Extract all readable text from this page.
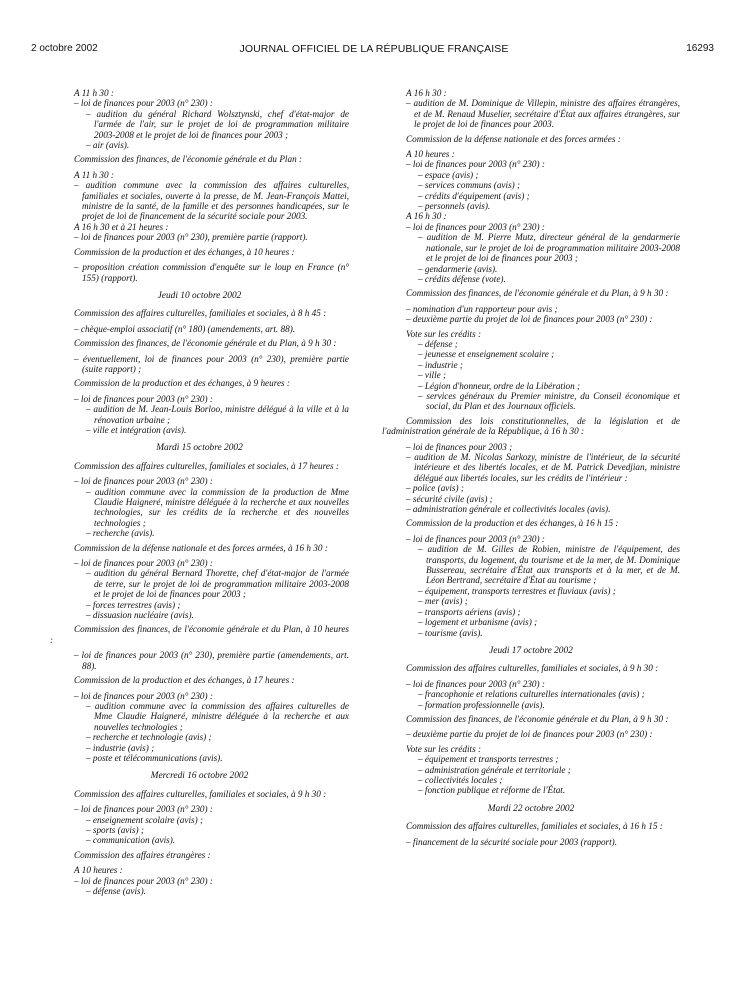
2 octobre 2002	JOURNAL OFFICIEL DE LA RÉPUBLIQUE FRANÇAISE	16293
A 11 h 30 :
– loi de finances pour 2003 (n° 230) :
– audition du général Richard Wolsztynski, chef d'état-major de l'armée de l'air, sur le projet de loi de programmation militaire 2003-2008 et le projet de loi de finances pour 2003 ;
– air (avis).
Commission des finances, de l'économie générale et du Plan :
A 11 h 30 :
– audition commune avec la commission des affaires culturelles, familiales et sociales, ouverte à la presse, de M. Jean-François Mattei, ministre de la santé, de la famille et des personnes handicapées, sur le projet de loi de financement de la sécurité sociale pour 2003.
A 16 h 30 et à 21 heures :
– loi de finances pour 2003 (n° 230), première partie (rapport).
Commission de la production et des échanges, à 10 heures :
– proposition création commission d'enquête sur le loup en France (n° 155) (rapport).
Jeudi 10 octobre 2002
Commission des affaires culturelles, familiales et sociales, à 8 h 45 :
– chèque-emploi associatif (n° 180) (amendements, art. 88).
Commission des finances, de l'économie générale et du Plan, à 9 h 30 :
– éventuellement, loi de finances pour 2003 (n° 230), première partie (suite rapport) ;
Commission de la production et des échanges, à 9 heures :
– loi de finances pour 2003 (n° 230) :
– audition de M. Jean-Louis Borloo, ministre délégué à la ville et à la rénovation urbaine ;
– ville et intégration (avis).
Mardi 15 octobre 2002
Commission des affaires culturelles, familiales et sociales, à 17 heures :
– loi de finances pour 2003 (n° 230) :
– audition commune avec la commission de la production de Mme Claudie Haigneré, ministre déléguée à la recherche et aux nouvelles technologies, sur les crédits de la recherche et des nouvelles technologies ;
– recherche (avis).
Commission de la défense nationale et des forces armées, à 16 h 30 :
– loi de finances pour 2003 (n° 230) :
– audition du général Bernard Thorette, chef d'état-major de l'armée de terre, sur le projet de loi de programmation militaire 2003-2008 et le projet de loi de finances pour 2003 ;
– forces terrestres (avis) ;
– dissuasion nucléaire (avis).
Commission des finances, de l'économie générale et du Plan, à 10 heures :
– loi de finances pour 2003 (n° 230), première partie (amendements, art. 88).
Commission de la production et des échanges, à 17 heures :
– loi de finances pour 2003 (n° 230) :
– audition commune avec la commission des affaires culturelles de Mme Claudie Haigneré, ministre déléguée à la recherche et aux nouvelles technologies ;
– recherche et technologie (avis) ;
– industrie (avis) ;
– poste et télécommunications (avis).
Mercredi 16 octobre 2002
Commission des affaires culturelles, familiales et sociales, à 9 h 30 :
– loi de finances pour 2003 (n° 230) :
– enseignement scolaire (avis) ;
– sports (avis) ;
– communication (avis).
Commission des affaires étrangères :
A 10 heures :
– loi de finances pour 2003 (n° 230) :
– défense (avis).
A 16 h 30 :
– audition de M. Dominique de Villepin, ministre des affaires étrangères, et de M. Renaud Muselier, secrétaire d'État aux affaires étrangères, sur le projet de loi de finances pour 2003.
Commission de la défense nationale et des forces armées :
A 10 heures :
– loi de finances pour 2003 (n° 230) :
– espace (avis) ;
– services communs (avis) ;
– crédits d'équipement (avis) ;
– personnels (avis).
A 16 h 30 :
– loi de finances pour 2003 (n° 230) :
– audition de M. Pierre Mutz, directeur général de la gendarmerie nationale, sur le projet de loi de programmation militaire 2003-2008 et le projet de loi de finances pour 2003 ;
– gendarmerie (avis).
– crédits défense (vote).
Commission des finances, de l'économie générale et du Plan, à 9 h 30 :
– nomination d'un rapporteur pour avis ;
– deuxième partie du projet de loi de finances pour 2003 (n° 230) :
Vote sur les crédits :
– défense ;
– jeunesse et enseignement scolaire ;
– industrie ;
– ville ;
– Légion d'honneur, ordre de la Libération ;
– services généraux du Premier ministre, du Conseil économique et social, du Plan et des Journaux officiels.
Commission des lois constitutionnelles, de la législation et de l'administration générale de la République, à 16 h 30 :
– loi de finances pour 2003 ;
– audition de M. Nicolas Sarkozy, ministre de l'intérieur, de la sécurité intérieure et des libertés locales, et de M. Patrick Devedjian, ministre délégué aux libertés locales, sur les crédits de l'intérieur :
– police (avis) ;
– sécurité civile (avis) ;
– administration générale et collectivités locales (avis).
Commission de la production et des échanges, à 16 h 15 :
– loi de finances pour 2003 (n° 230) :
– audition de M. Gilles de Robien, ministre de l'équipement, des transports, du logement, du tourisme et de la mer, de M. Dominique Bussereau, secrétaire d'État aux transports et à la mer, et de M. Léon Bertrand, secrétaire d'État au tourisme ;
– équipement, transports terrestres et fluviaux (avis) ;
– mer (avis) ;
– transports aériens (avis) ;
– logement et urbanisme (avis) ;
– tourisme (avis).
Jeudi 17 octobre 2002
Commission des affaires culturelles, familiales et sociales, à 9 h 30 :
– loi de finances pour 2003 (n° 230) :
– francophonie et relations culturelles internationales (avis) ;
– formation professionnelle (avis).
Commission des finances, de l'économie générale et du Plan, à 9 h 30 :
– deuxième partie du projet de loi de finances pour 2003 (n° 230) :
Vote sur les crédits :
– équipement et transports terrestres ;
– administration générale et territoriale ;
– collectivités locales ;
– fonction publique et réforme de l'État.
Mardi 22 octobre 2002
Commission des affaires culturelles, familiales et sociales, à 16 h 15 :
– financement de la sécurité sociale pour 2003 (rapport).
